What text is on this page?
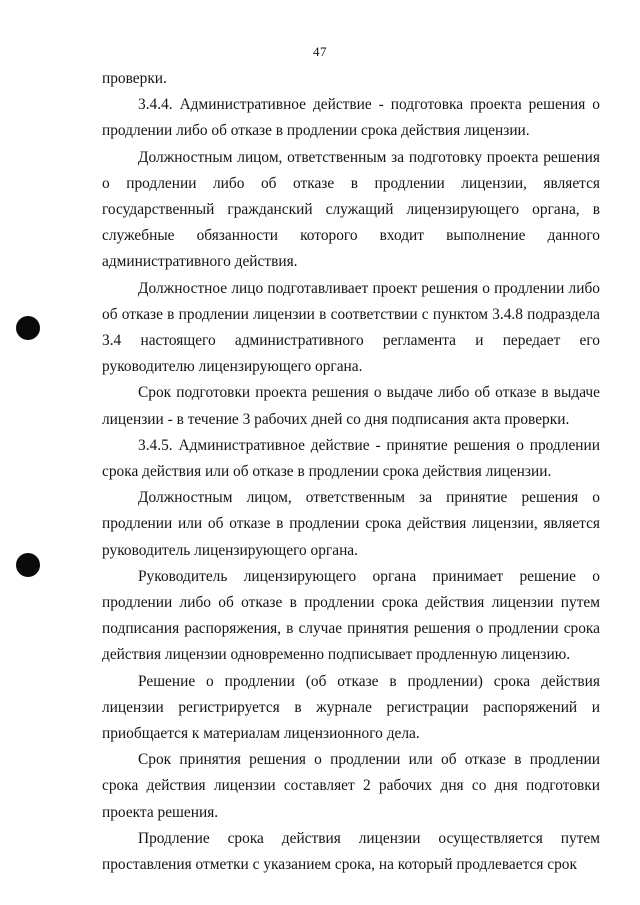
47

проверки.

3.4.4. Административное действие - подготовка проекта решения о продлении либо об отказе в продлении срока действия лицензии.

Должностным лицом, ответственным за подготовку проекта решения о продлении либо об отказе в продлении лицензии, является государственный гражданский служащий лицензирующего органа, в служебные обязанности которого входит выполнение данного административного действия.

Должностное лицо подготавливает проект решения о продлении либо об отказе в продлении лицензии в соответствии с пунктом 3.4.8 подраздела 3.4 настоящего административного регламента и передает его руководителю лицензирующего органа.

Срок подготовки проекта решения о выдаче либо об отказе в выдаче лицензии - в течение 3 рабочих дней со дня подписания акта проверки.

3.4.5. Административное действие - принятие решения о продлении срока действия или об отказе в продлении срока действия лицензии.

Должностным лицом, ответственным за принятие решения о продлении или об отказе в продлении срока действия лицензии, является руководитель лицензирующего органа.

Руководитель лицензирующего органа принимает решение о продлении либо об отказе в продлении срока действия лицензии путем подписания распоряжения, в случае принятия решения о продлении срока действия лицензии одновременно подписывает продленную лицензию.

Решение о продлении (об отказе в продлении) срока действия лицензии регистрируется в журнале регистрации распоряжений и приобщается к материалам лицензионного дела.

Срок принятия решения о продлении или об отказе в продлении срока действия лицензии составляет 2 рабочих дня со дня подготовки проекта решения.

Продление срока действия лицензии осуществляется путем проставления отметки с указанием срока, на который продлевается срок
